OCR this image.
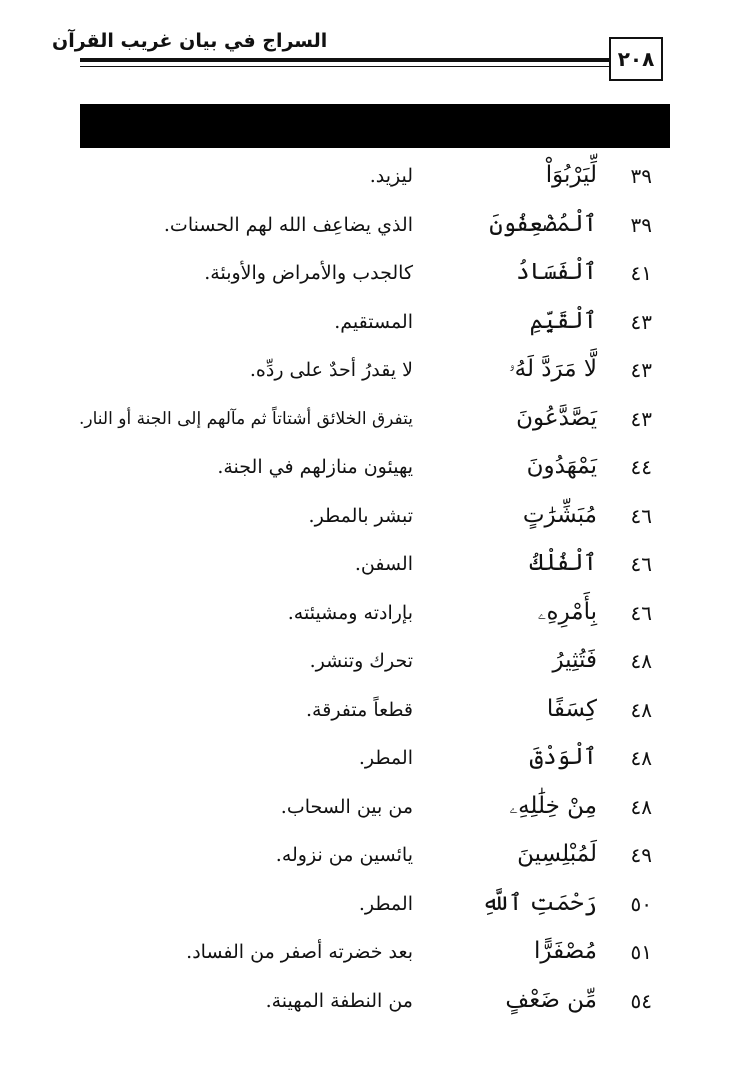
السراج في بيان غريب القرآن
٢٠٨
٣٩
لِّيَرْبُوَاْ
ليزيد.
٣٩
ٱلْمُضْعِفُونَ
الذي يضاعِف الله لهم الحسنات.
٤١
ٱلْفَسَادُ
كالجدب والأمراض والأوبئة.
٤٣
ٱلْقَيِّمِ
المستقيم.
٤٣
لَّا مَرَدَّ لَهُۥ
لا يقدرُ أحدٌ على ردِّه.
٤٣
يَصَّدَّعُونَ
يتفرق الخلائق أشتاتاً ثم مآلهم إلى الجنة أو النار.
٤٤
يَمْهَدُونَ
يهيئون منازلهم في الجنة.
٤٦
مُبَشِّرَٰتٍ
تبشر بالمطر.
٤٦
ٱلْفُلْكُ
السفن.
٤٦
بِأَمْرِهِۦ
بإرادته ومشيئته.
٤٨
فَتُثِيرُ
تحرك وتنشر.
٤٨
كِسَفًا
قطعاً متفرقة.
٤٨
ٱلْوَدْقَ
المطر.
٤٨
مِنْ خِلَٰلِهِۦ
من بين السحاب.
٤٩
لَمُبْلِسِينَ
يائسين من نزوله.
٥٠
رَحْمَتِ ٱللَّهِ
المطر.
٥١
مُصْفَرًّا
بعد خضرته أصفر من الفساد.
٥٤
مِّن ضَعْفٍ
من النطفة المهينة.
